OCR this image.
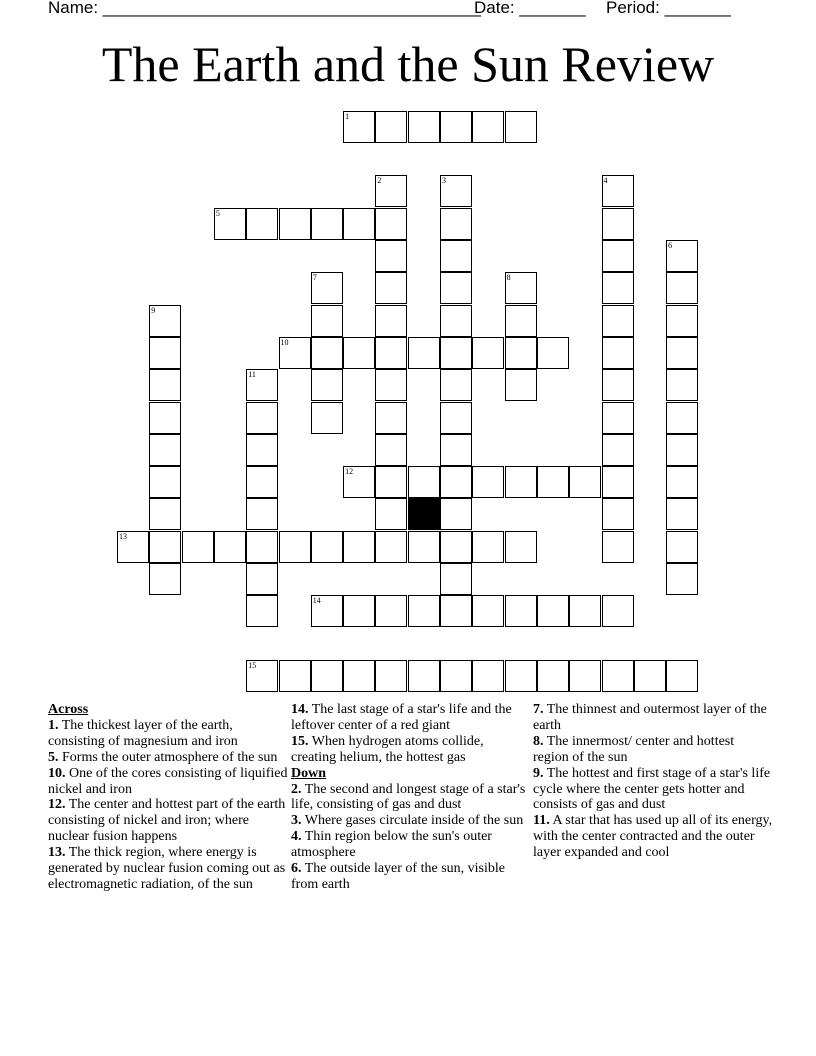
Name: ________________________________________
Date: _______ Period: _______
The Earth and the Sun Review
1
2	3	4
5
6
7	8
9
10
11
12
13
14
15
Across

1. The thickest layer of the earth, consisting of magnesium and iron

5. Forms the outer atmosphere of the sun

10. One of the cores consisting of liquified nickel and iron

12. The center and hottest part of the earth consisting of nickel and iron; where nuclear fusion happens

13. The thick region, where energy is generated by nuclear fusion coming out as electromagnetic radiation, of the sun

14. The last stage of a star's life and the leftover center of a red giant

15. When hydrogen atoms collide, creating helium, the hottest gas

Down

2. The second and longest stage of a star's life, consisting of gas and dust

3. Where gases circulate inside of the sun

4. Thin region below the sun's outer atmosphere

6. The outside layer of the sun, visible from earth

7. The thinnest and outermost layer of the earth

8. The innermost/ center and hottest region of the sun

9. The hottest and first stage of a star's life cycle where the center gets hotter and consists of gas and dust

11. A star that has used up all of its energy, with the center contracted and the outer layer expanded and cool
